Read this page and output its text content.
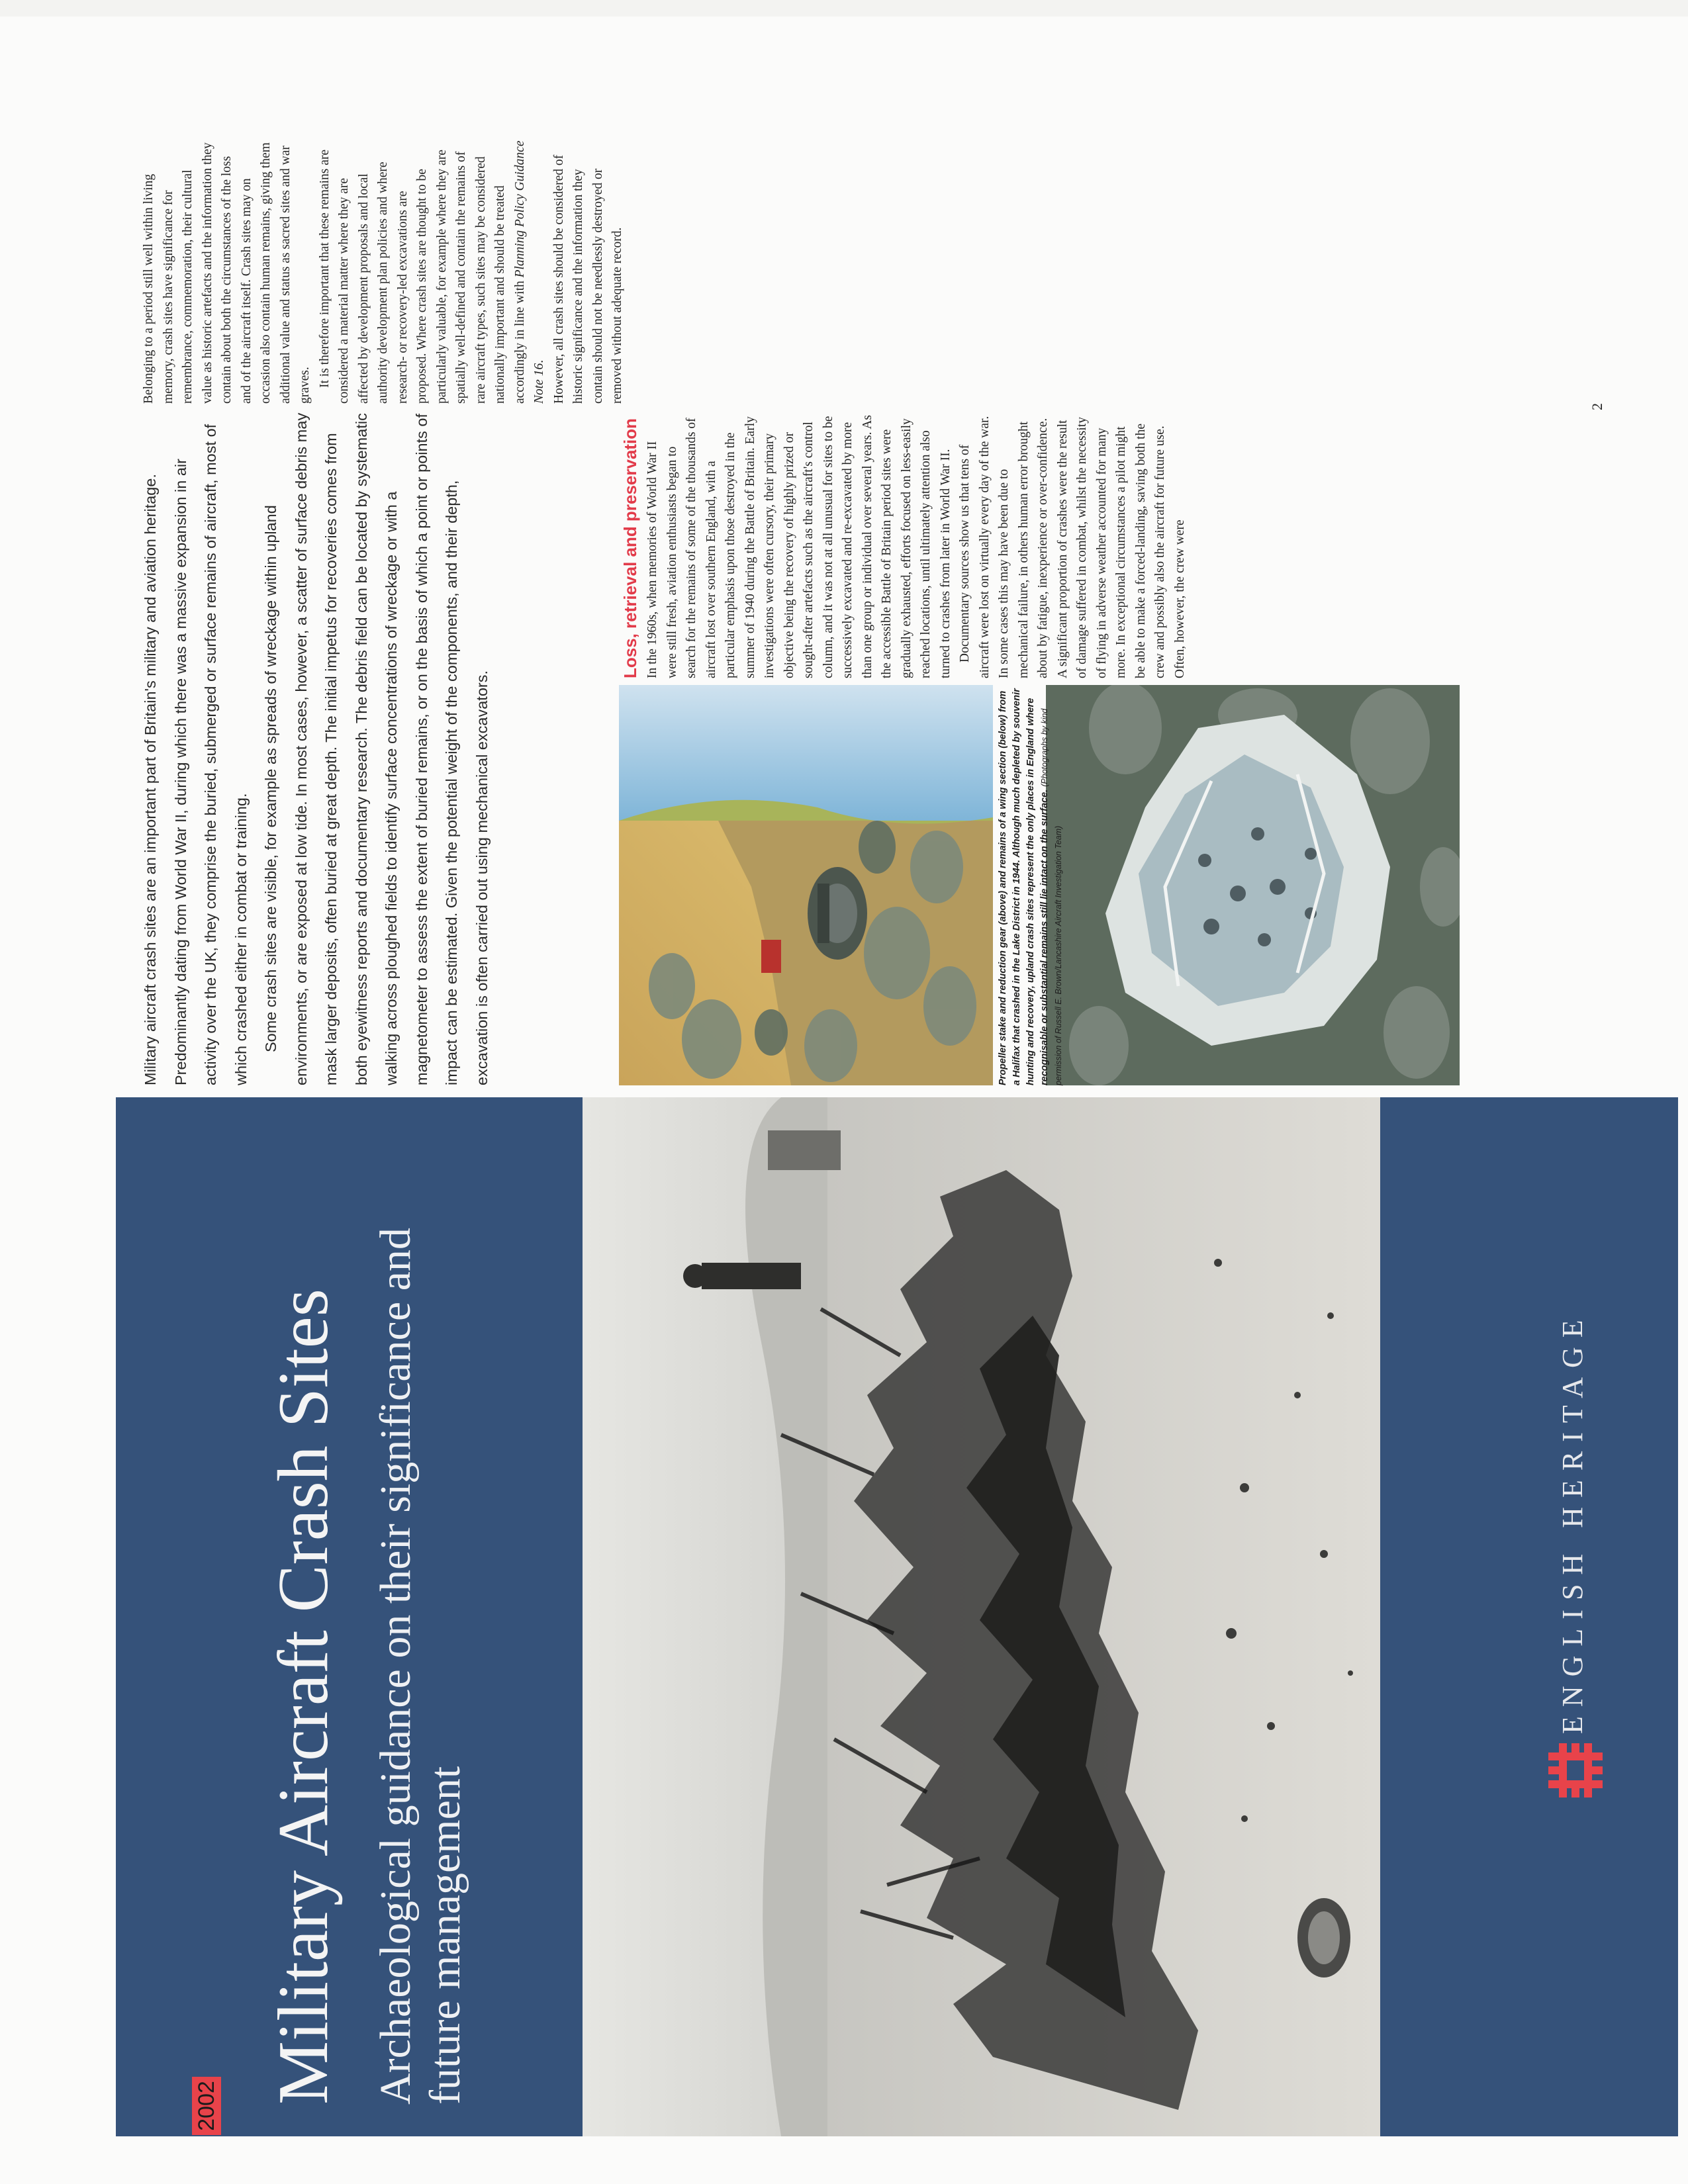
2002
Military Aircraft Crash Sites Archaeological guidance on their significance and future management

ENGLISH HERITAGE

Military aircraft crash sites are an important part of Britain's military and aviation heritage. Predominantly dating from World War II, during which there was a massive expansion in air activity over the UK, they comprise the buried, submerged or surface remains of aircraft, most of which crashed either in combat or training. Some crash sites are visible, for example as spreads of wreckage within upland environments, or are exposed at low tide. In most cases, however, a scatter of surface debris may mask larger deposits, often buried at great depth. The initial impetus for recoveries comes from both eyewitness reports and documentary research. The debris field can be located by systematic walking across ploughed fields to identify surface concentrations of wreckage or with a magnetometer to assess the extent of buried remains, or on the basis of which a point or points of impact can be estimated. Given the potential weight of the components, and their depth, excavation is often carried out using mechanical excavators.	Propeller stake and reduction gear (above) and remains of a wing section (below) from a Halifax that crashed in the Lake District in 1944. Although much depleted by souvenir hunting and recovery, upland crash sites represent the only places in England where recognisable or substantial remains still lie intact on the surface. (Photographs by kind permission of Russell E. Brown/Lancashire Aircraft Investigation Team)

Loss, retrieval and preservation In the 1960s, when memories of World War II were still fresh, aviation enthusiasts began to search for the remains of some of the thousands of aircraft lost over southern England, with a particular emphasis upon those destroyed in the summer of 1940 during the Battle of Britain. Early investigations were often cursory, their primary objective being the recovery of highly prized or sought-after artefacts such as the aircraft's control column, and it was not at all unusual for sites to be successively excavated and re-excavated by more than one group or individual over several years. As the accessible Battle of Britain period sites were gradually exhausted, efforts focused on less-easily reached locations, until ultimately attention also turned to crashes from later in World War II. Documentary sources show us that tens of aircraft were lost on virtually every day of the war. In some cases this may have been due to mechanical failure, in others human error brought about by fatigue, inexperience or over-confidence. A significant proportion of crashes were the result of damage suffered in combat, whilst the necessity of flying in adverse weather accounted for many more. In exceptional circumstances a pilot might be able to make a forced-landing, saving both the crew and possibly also the aircraft for future use. Often, however, the crew were

Belonging to a period still well within living memory, crash sites have significance for remembrance, commemoration, their cultural value as historic artefacts and the information they contain about both the circumstances of the loss and of the aircraft itself. Crash sites may on occasion also contain human remains, giving them additional value and status as sacred sites and war graves. It is therefore important that these remains are considered a material matter where they are affected by development proposals and local authority development plan policies and where research- or recovery-led excavations are proposed. Where crash sites are thought to be particularly valuable, for example where they are spatially well-defined and contain the remains of rare aircraft types, such sites may be considered nationally important and should be treated accordingly in line with Planning Policy Guidance Note 16. However, all crash sites should be considered of historic significance and the information they contain should not be needlessly destroyed or removed without adequate record.

2
